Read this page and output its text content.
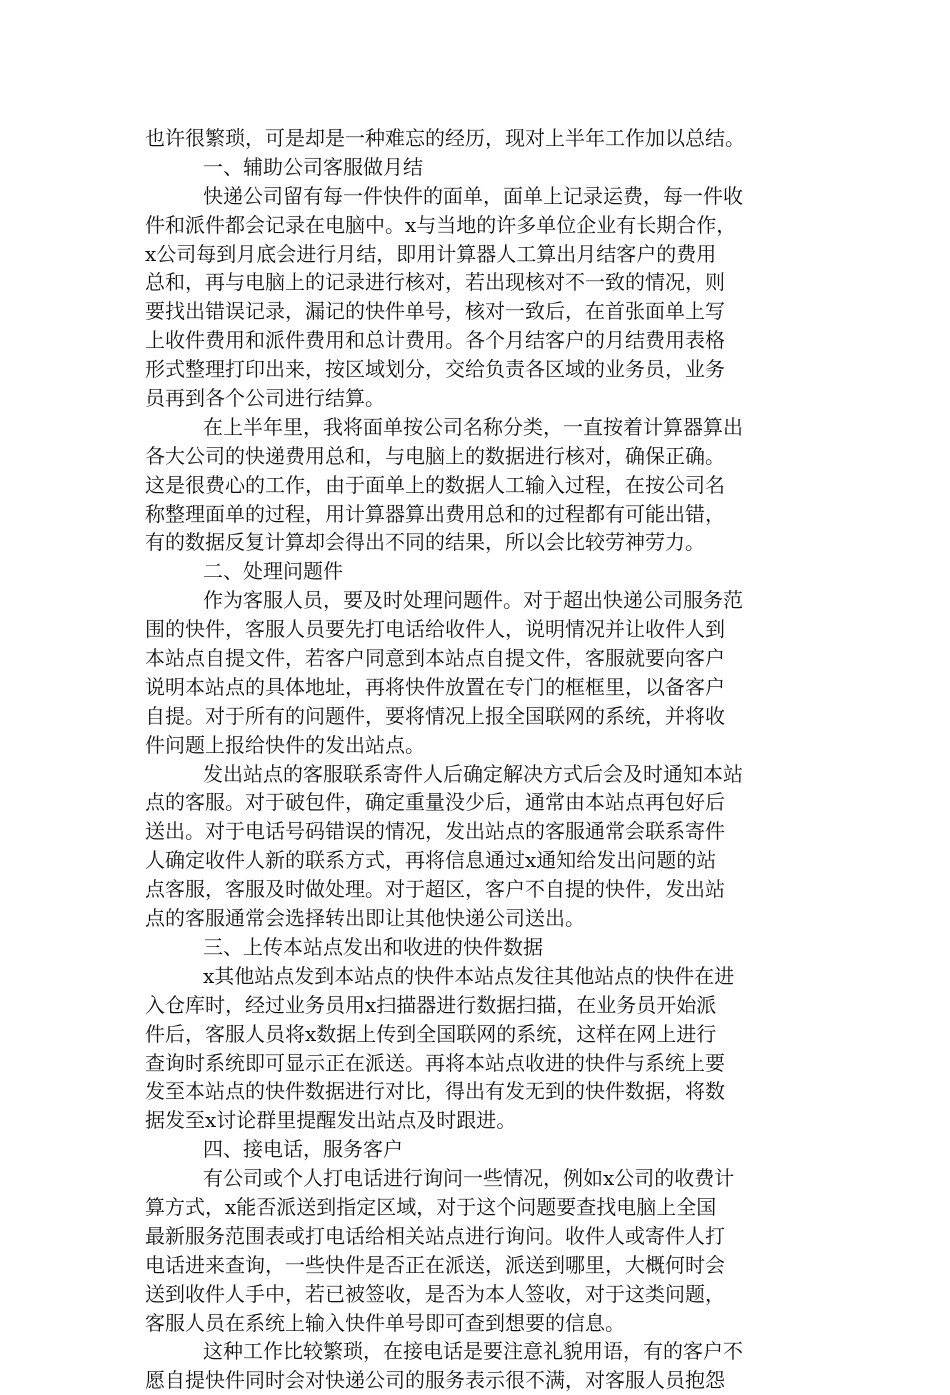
也许很繁琐，可是却是一种难忘的经历，现对上半年工作加以总结。
一、辅助公司客服做月结
快递公司留有每一件快件的面单，面单上记录运费，每一件收
件和派件都会记录在电脑中。x与当地的许多单位企业有长期合作，
x公司每到月底会进行月结，即用计算器人工算出月结客户的费用
总和，再与电脑上的记录进行核对，若出现核对不一致的情况，则
要找出错误记录，漏记的快件单号，核对一致后，在首张面单上写
上收件费用和派件费用和总计费用。各个月结客户的月结费用表格
形式整理打印出来，按区域划分，交给负责各区域的业务员，业务
员再到各个公司进行结算。
在上半年里，我将面单按公司名称分类，一直按着计算器算出
各大公司的快递费用总和，与电脑上的数据进行核对，确保正确。
这是很费心的工作，由于面单上的数据人工输入过程，在按公司名
称整理面单的过程，用计算器算出费用总和的过程都有可能出错，
有的数据反复计算却会得出不同的结果，所以会比较劳神劳力。
二、处理问题件
作为客服人员，要及时处理问题件。对于超出快递公司服务范
围的快件，客服人员要先打电话给收件人，说明情况并让收件人到
本站点自提文件，若客户同意到本站点自提文件，客服就要向客户
说明本站点的具体地址，再将快件放置在专门的框框里，以备客户
自提。对于所有的问题件，要将情况上报全国联网的系统，并将收
件问题上报给快件的发出站点。
发出站点的客服联系寄件人后确定解决方式后会及时通知本站
点的客服。对于破包件，确定重量没少后，通常由本站点再包好后
送出。对于电话号码错误的情况，发出站点的客服通常会联系寄件
人确定收件人新的联系方式，再将信息通过x通知给发出问题的站
点客服，客服及时做处理。对于超区，客户不自提的快件，发出站
点的客服通常会选择转出即让其他快递公司送出。
三、上传本站点发出和收进的快件数据
x其他站点发到本站点的快件本站点发往其他站点的快件在进
入仓库时，经过业务员用x扫描器进行数据扫描，在业务员开始派
件后，客服人员将x数据上传到全国联网的系统，这样在网上进行
查询时系统即可显示正在派送。再将本站点收进的快件与系统上要
发至本站点的快件数据进行对比，得出有发无到的快件数据，将数
据发至x讨论群里提醒发出站点及时跟进。
四、接电话，服务客户
有公司或个人打电话进行询问一些情况，例如x公司的收费计
算方式，x能否派送到指定区域，对于这个问题要查找电脑上全国
最新服务范围表或打电话给相关站点进行询问。收件人或寄件人打
电话进来查询，一些快件是否正在派送，派送到哪里，大概何时会
送到收件人手中，若已被签收，是否为本人签收，对于这类问题，
客服人员在系统上输入快件单号即可查到想要的信息。
这种工作比较繁琐，在接电话是要注意礼貌用语，有的客户不
愿自提快件同时会对快递公司的服务表示很不满，对客服人员抱怨
